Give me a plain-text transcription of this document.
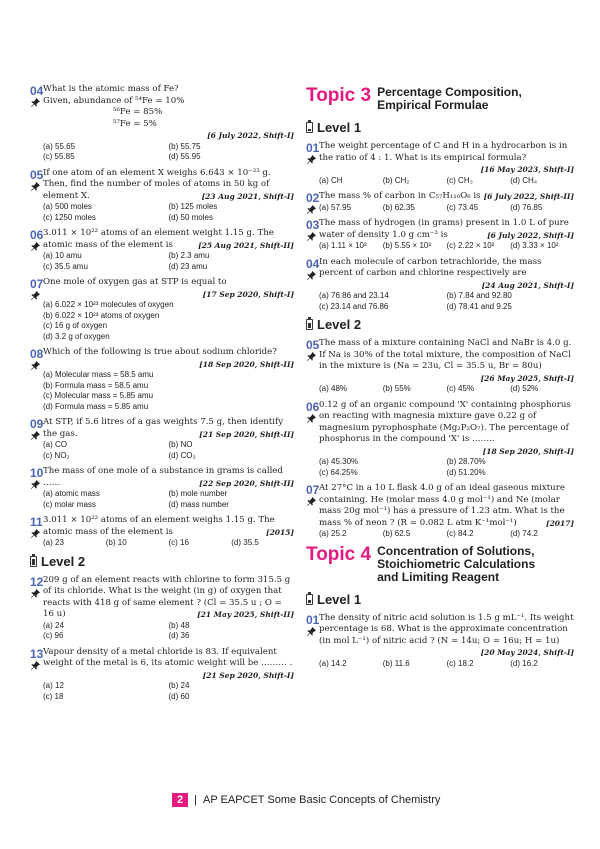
04 What is the atomic mass of Fe?
Given, abundance of ⁵⁴Fe = 10%
⁵⁶Fe = 85%
⁵⁷Fe = 5%
[6 July 2022, Shift-I]
(a) 55.65	(b) 55.75
(c) 55.85	(d) 55.95
05 If one atom of an element X weighs 6.643 × 10⁻²³ g. Then, find the number of moles of atoms in 50 kg of element X.	[23 Aug 2021, Shift-I]
(a) 500 moles	(b) 125 moles
(c) 1250 moles	(d) 50 moles
06 3.011 × 10²² atoms of an element weight 1.15 g. The atomic mass of the element is	[25 Aug 2021, Shift-II]
(a) 10 amu	(b) 2.3 amu
(c) 35.5 amu	(d) 23 amu
07 One mole of oxygen gas at STP is equal to
[17 Sep 2020, Shift-I]
(a) 6.022 × 10²³ molecules of oxygen
(b) 6.022 × 10²³ atoms of oxygen
(c) 16 g of oxygen
(d) 3.2 g of oxygen
08 Which of the following is true about sodium chloride?
[18 Sep 2020, Shift-II]
(a) Molecular mass = 58.5 amu
(b) Formula mass = 58.5 amu
(c) Molecular mass = 5.85 amu
(d) Formula mass = 5.85 amu
09 At STP, if 5.6 litres of a gas weights 7.5 g, then identify the gas.	[21 Sep 2020, Shift-II]
(a) CO	(b) NO
(c) NO₂	(d) CO₂
10 The mass of one mole of a substance in grams is called ……	[22 Sep 2020, Shift-II]
(a) atomic mass	(b) mole number
(c) molar mass	(d) mass number
11 3.011 × 10²² atoms of an element weighs 1.15 g. The atomic mass of the element is	[2015]
(a) 23	(b) 10	(c) 16	(d) 35.5
Level 2
12 209 g of an element reacts with chlorine to form 315.5 g of its chloride. What is the weight (in g) of oxygen that reacts with 418 g of same element ? (Cl = 35.5 u ; O = 16 u)	[21 May 2025, Shift-II]
(a) 24	(b) 48
(c) 96	(d) 36
13 Vapour density of a metal chloride is 83. If equivalent weight of the metal is 6, its atomic weight will be ……… .
[21 Sep 2020, Shift-I]
(a) 12	(b) 24
(c) 18	(d) 60
Topic 3 Percentage Composition,
Empirical Formulae
Level 1
01 The weight percentage of C and H in a hydrocarbon is in the ratio of 4 : 1. What is its empirical formula?
[16 May 2023, Shift-I]
(a) CH	(b) CH₂	(c) CH₃	(d) CH₄
02 The mass % of carbon in C₅₇H₁₁₀O₆ is [6 July 2022, Shift-II]
(a) 57.95	(b) 62.35	(c) 73.45	(d) 76.85
03 The mass of hydrogen (in grams) present in 1.0 L of pure water of density 1.0 g cm⁻³ is	[6 July 2022, Shift-I]
(a) 1.11 × 10²	(b) 5.55 × 10²	(c) 2.22 × 10²	(d) 3.33 × 10²
04 In each molecule of carbon tetrachloride, the mass percent of carbon and chlorine respectively are
[24 Aug 2021, Shift-I]
(a) 76.86 and 23.14	(b) 7.84 and 92.80
(c) 23.14 and 76.86	(d) 78.41 and 9.25
Level 2
05 The mass of a mixture containing NaCl and NaBr is 4.0 g. If Na is 30% of the total mixture, the composition of NaCl in the mixture is (Na = 23u, Cl = 35.5 u, Br = 80u)
[26 May 2025, Shift-I]
(a) 48%	(b) 55%	(c) 45%	(d) 52%
06 0.12 g of an organic compound 'X' containing phosphorus on reacting with magnesia mixture gave 0.22 g of magnesium pyrophosphate (Mg₂P₂O₇). The percentage of phosphorus in the compound 'X' is ……..
[18 Sep 2020, Shift-I]
(a) 45.30%	(b) 28.70%
(c) 64.25%	(d) 51.20%
07 At 27°C in a 10 L flask 4.0 g of an ideal gaseous mixture containing. He (molar mass 4.0 g mol⁻¹) and Ne (molar mass 20g mol⁻¹) has a pressure of 1.23 atm. What is the mass % of neon ? (R = 0.082 L atm K⁻¹mol⁻¹)	[2017]
(a) 25.2	(b) 62.5	(c) 84.2	(d) 74.2
Topic 4 Concentration of Solutions,
Stoichiometric Calculations
and Limiting Reagent
Level 1
01 The density of nitric acid solution is 1.5 g mL⁻¹. Its weight percentage is 68. What is the approximate concentration (in mol L⁻¹) of nitric acid ? (N = 14u; O = 16u; H = 1u)
[20 May 2024, Shift-I]
(a) 14.2	(b) 11.6	(c) 18.2	(d) 16.2
2	| AP EAPCET Some Basic Concepts of Chemistry
